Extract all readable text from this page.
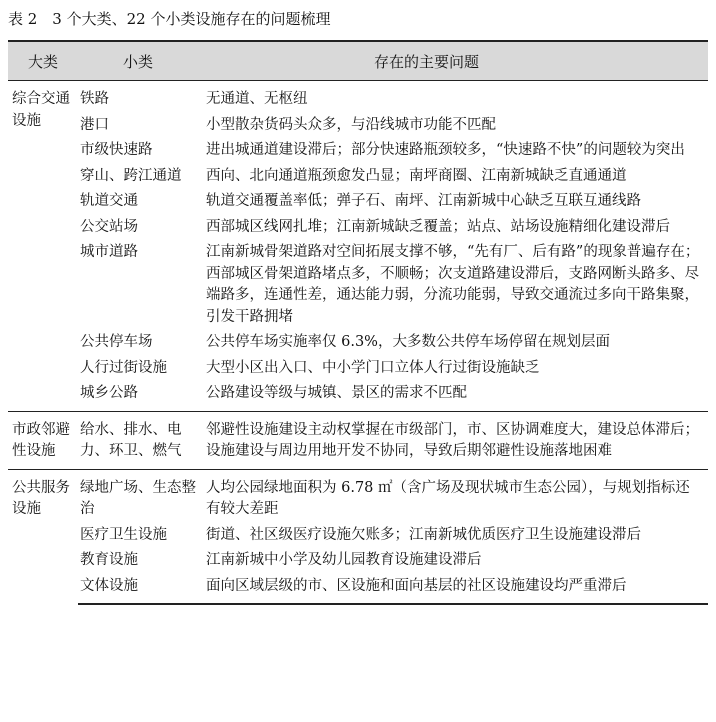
表 2　3 个大类、22 个小类设施存在的问题梳理
大类	小类	存在的主要问题
综合交通设施	铁路	无通道、无枢纽
	港口	小型散杂货码头众多，与沿线城市功能不匹配
	市级快速路	进出城通道建设滞后；部分快速路瓶颈较多，“快速路不快”的问题较为突出
	穿山、跨江通道	西向、北向通道瓶颈愈发凸显；南坪商圈、江南新城缺乏直通通道
	轨道交通	轨道交通覆盖率低；弹子石、南坪、江南新城中心缺乏互联互通线路
	公交站场	西部城区线网扎堆；江南新城缺乏覆盖；站点、站场设施精细化建设滞后
	城市道路	江南新城骨架道路对空间拓展支撑不够，“先有厂、后有路”的现象普遍存在；西部城区骨架道路堵点多，不顺畅；次支道路建设滞后，支路网断头路多、尽端路多，连通性差，通达能力弱，分流功能弱，导致交通流过多向干路集聚，引发干路拥堵
	公共停车场	公共停车场实施率仅 6.3%，大多数公共停车场停留在规划层面
	人行过街设施	大型小区出入口、中小学门口立体人行过街设施缺乏
	城乡公路	公路建设等级与城镇、景区的需求不匹配
市政邻避性设施	给水、排水、电力、环卫、燃气	邻避性设施建设主动权掌握在市级部门，市、区协调难度大，建设总体滞后；设施建设与周边用地开发不协同，导致后期邻避性设施落地困难
公共服务设施	绿地广场、生态整治	人均公园绿地面积为 6.78 ㎡（含广场及现状城市生态公园），与规划指标还有较大差距
	医疗卫生设施	街道、社区级医疗设施欠账多；江南新城优质医疗卫生设施建设滞后
	教育设施	江南新城中小学及幼儿园教育设施建设滞后
	文体设施	面向区域层级的市、区设施和面向基层的社区设施建设均严重滞后
